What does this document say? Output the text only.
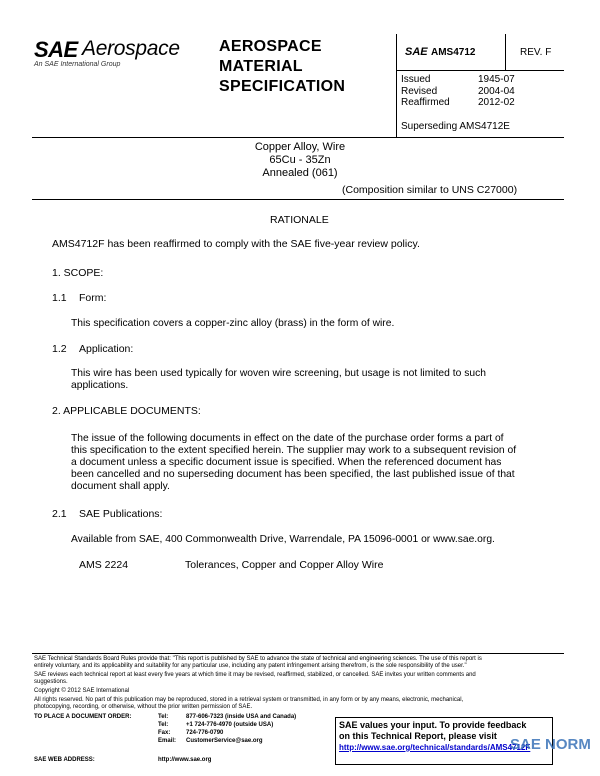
SAE Aerospace
An SAE International Group
AEROSPACE
MATERIAL
SPECIFICATION
SAE AMS4712	REV. F
Issued	1945-07
Revised	2004-04
Reaffirmed	2012-02
Superseding AMS4712E
Copper Alloy, Wire
65Cu - 35Zn
Annealed (061)
(Composition similar to UNS C27000)
RATIONALE
AMS4712F has been reaffirmed to comply with the SAE five-year review policy.
1. SCOPE:
1.1 Form:
This specification covers a copper-zinc alloy (brass) in the form of wire.
1.2 Application:
This wire has been used typically for woven wire screening, but usage is not limited to such
applications.
2. APPLICABLE DOCUMENTS:
The issue of the following documents in effect on the date of the purchase order forms a part of
this specification to the extent specified herein. The supplier may work to a subsequent revision of
a document unless a specific document issue is specified. When the referenced document has
been cancelled and no superseding document has been specified, the last published issue of that
document shall apply.
2.1 SAE Publications:
Available from SAE, 400 Commonwealth Drive, Warrendale, PA 15096-0001 or www.sae.org.
AMS 2224	Tolerances, Copper and Copper Alloy Wire
SAE Technical Standards Board Rules provide that: "This report is published by SAE to advance the state of technical and engineering sciences. The use of this report is
entirely voluntary, and its applicability and suitability for any particular use, including any patent infringement arising therefrom, is the sole responsibility of the user."
SAE reviews each technical report at least every five years at which time it may be revised, reaffirmed, stabilized, or cancelled. SAE invites your written comments and
suggestions.
Copyright © 2012 SAE International
All rights reserved. No part of this publication may be reproduced, stored in a retrieval system or transmitted, in any form or by any means, electronic, mechanical,
photocopying, recording, or otherwise, without the prior written permission of SAE.
TO PLACE A DOCUMENT ORDER:	Tel:	877-606-7323 (inside USA and Canada)
Tel:	+1 724-776-4970 (outside USA)
Fax:	724-776-0790
Email: CustomerService@sae.org
SAE WEB ADDRESS:	http://www.sae.org
SAE values your input. To provide feedback
on this Technical Report, please visit
http://www.sae.org/technical/standards/AMS4712F
SAE NORM
